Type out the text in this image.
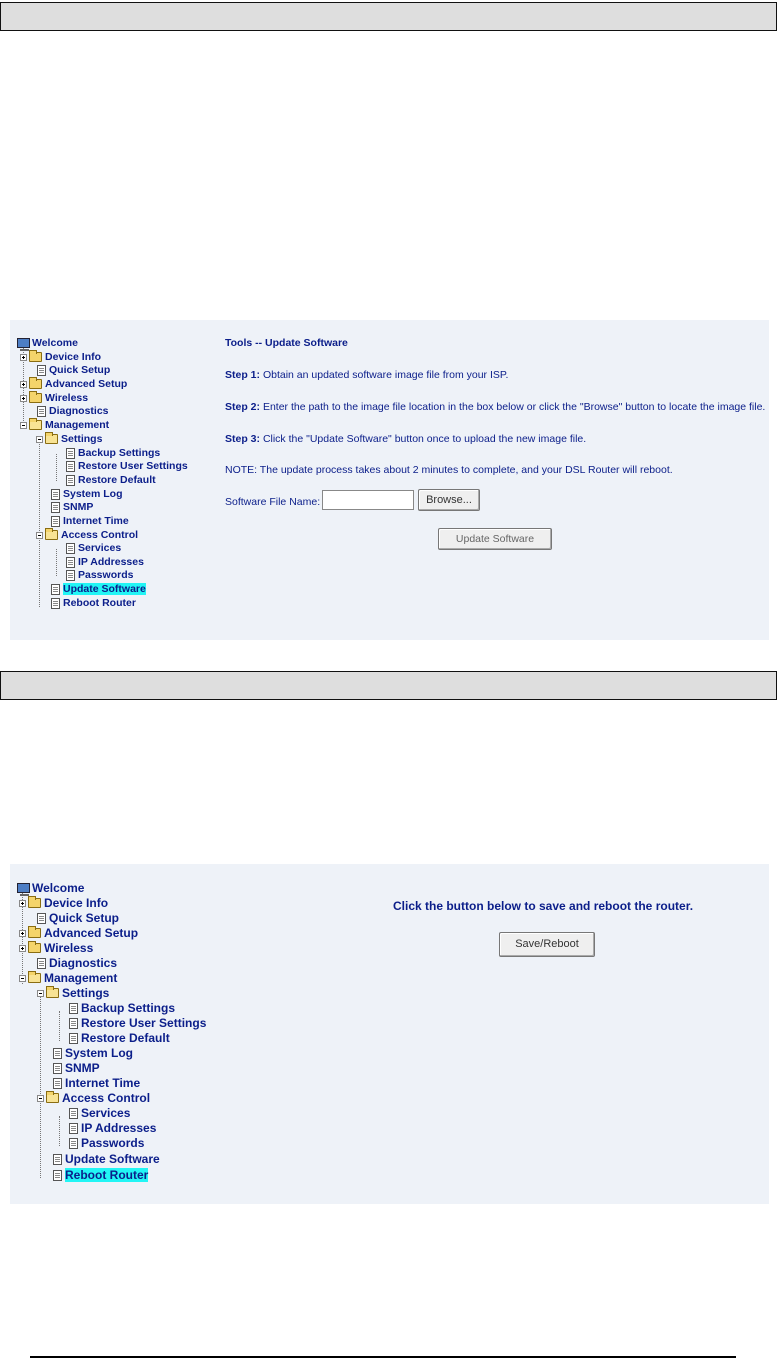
Welcome
Device Info
Quick Setup
Advanced Setup
Wireless
Diagnostics
Management
Settings
Backup Settings
Restore User Settings
Restore Default
System Log
SNMP
Internet Time
Access Control
Services
IP Addresses
Passwords
Update Software
Reboot Router
Tools -- Update Software
Step 1: Obtain an updated software image file from your ISP.
Step 2: Enter the path to the image file location in the box below or click the "Browse" button to locate the image file.
Step 3: Click the "Update Software" button once to upload the new image file.
NOTE: The update process takes about 2 minutes to complete, and your DSL Router will reboot.
Software File Name:	Browse...
Update Software
Welcome
Device Info
Quick Setup
Advanced Setup
Wireless
Diagnostics
Management
Settings
Backup Settings
Restore User Settings
Restore Default
System Log
SNMP
Internet Time
Access Control
Services
IP Addresses
Passwords
Update Software
Reboot Router
Click the button below to save and reboot the router.
Save/Reboot
